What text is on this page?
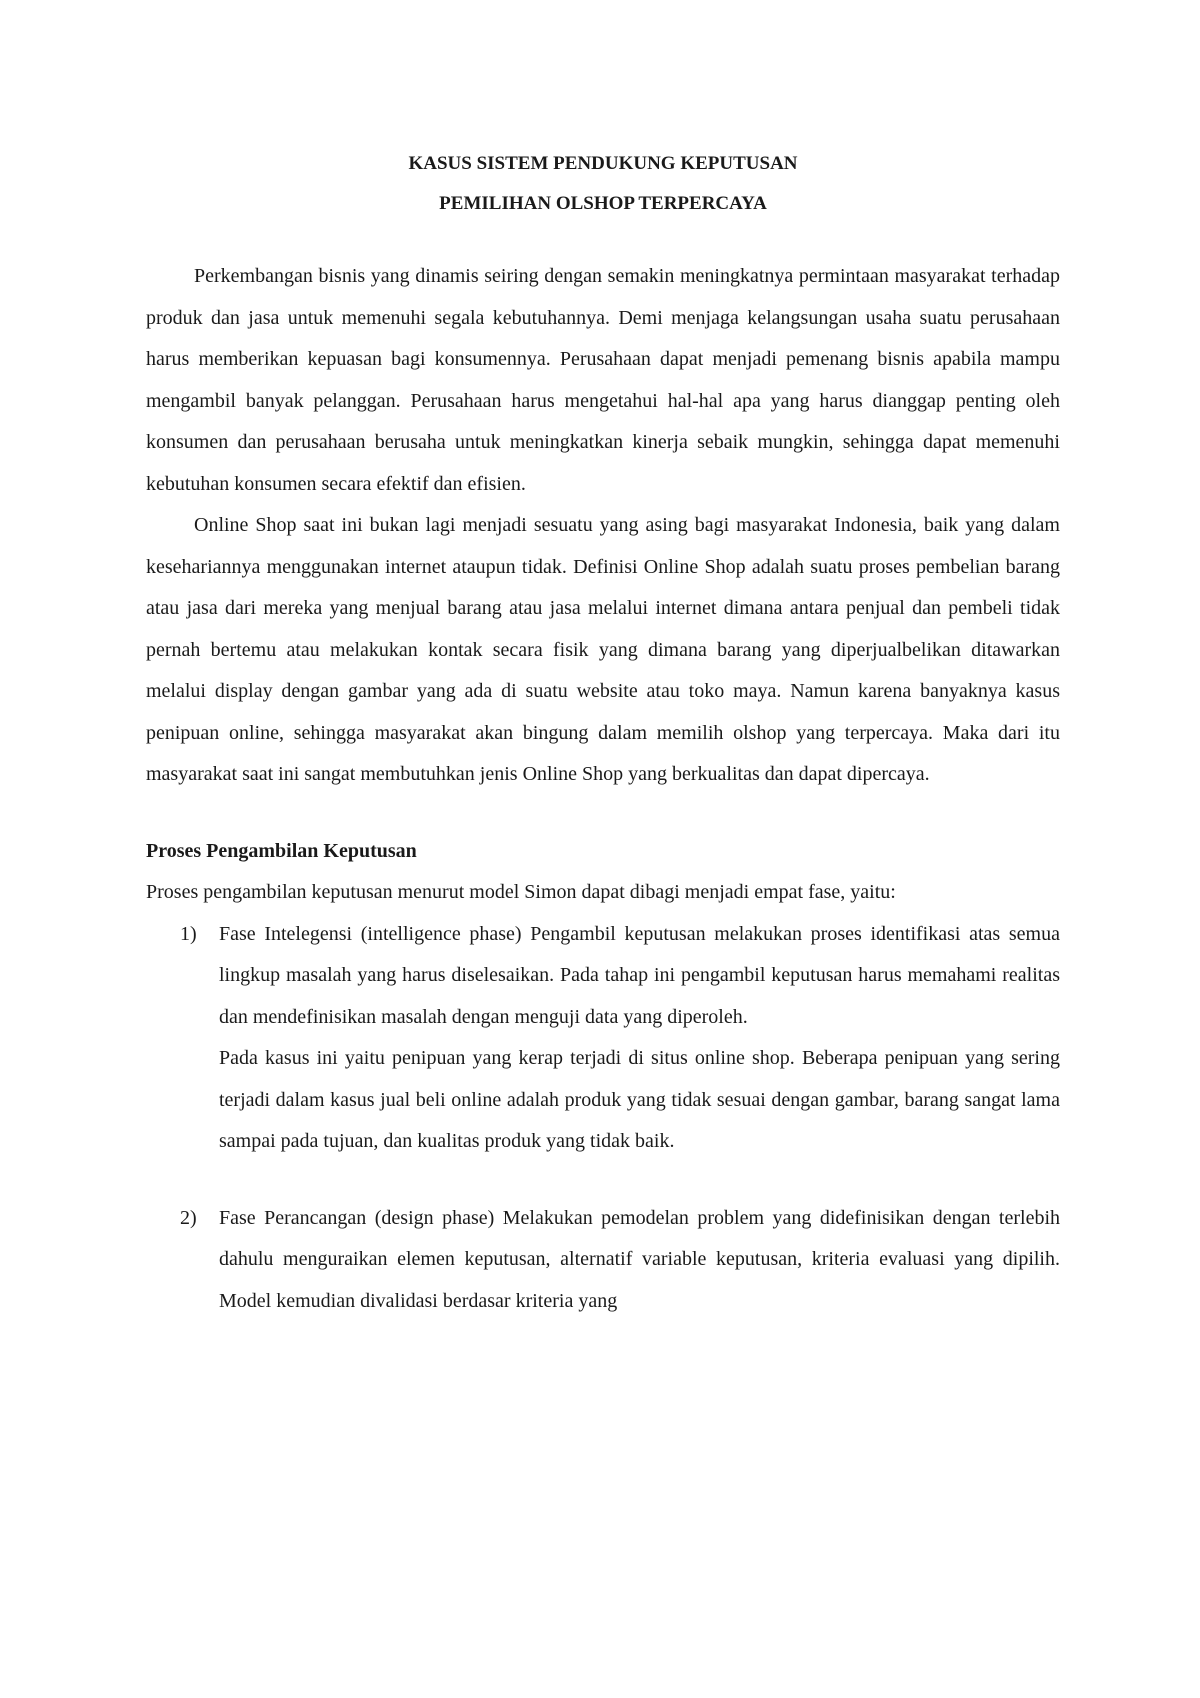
KASUS SISTEM PENDUKUNG KEPUTUSAN
PEMILIHAN OLSHOP TERPERCAYA

Perkembangan bisnis yang dinamis seiring dengan semakin meningkatnya permintaan masyarakat terhadap produk dan jasa untuk memenuhi segala kebutuhannya. Demi menjaga kelangsungan usaha suatu perusahaan harus memberikan kepuasan bagi konsumennya. Perusahaan dapat menjadi pemenang bisnis apabila mampu mengambil banyak pelanggan. Perusahaan harus mengetahui hal-hal apa yang harus dianggap penting oleh konsumen dan perusahaan berusaha untuk meningkatkan kinerja sebaik mungkin, sehingga dapat memenuhi kebutuhan konsumen secara efektif dan efisien.

Online Shop saat ini bukan lagi menjadi sesuatu yang asing bagi masyarakat Indonesia, baik yang dalam kesehariannya menggunakan internet ataupun tidak. Definisi Online Shop adalah suatu proses pembelian barang atau jasa dari mereka yang menjual barang atau jasa melalui internet dimana antara penjual dan pembeli tidak pernah bertemu atau melakukan kontak secara fisik yang dimana barang yang diperjualbelikan ditawarkan melalui display dengan gambar yang ada di suatu website atau toko maya. Namun karena banyaknya kasus penipuan online, sehingga masyarakat akan bingung dalam memilih olshop yang terpercaya. Maka dari itu masyarakat saat ini sangat membutuhkan jenis Online Shop yang berkualitas dan dapat dipercaya.

Proses Pengambilan Keputusan

Proses pengambilan keputusan menurut model Simon dapat dibagi menjadi empat fase, yaitu:

1) Fase Intelegensi (intelligence phase) Pengambil keputusan melakukan proses identifikasi atas semua lingkup masalah yang harus diselesaikan. Pada tahap ini pengambil keputusan harus memahami realitas dan mendefinisikan masalah dengan menguji data yang diperoleh.

Pada kasus ini yaitu penipuan yang kerap terjadi di situs online shop. Beberapa penipuan yang sering terjadi dalam kasus jual beli online adalah produk yang tidak sesuai dengan gambar, barang sangat lama sampai pada tujuan, dan kualitas produk yang tidak baik.

2) Fase Perancangan (design phase) Melakukan pemodelan problem yang didefinisikan dengan terlebih dahulu menguraikan elemen keputusan, alternatif variable keputusan, kriteria evaluasi yang dipilih. Model kemudian divalidasi berdasar kriteria yang
